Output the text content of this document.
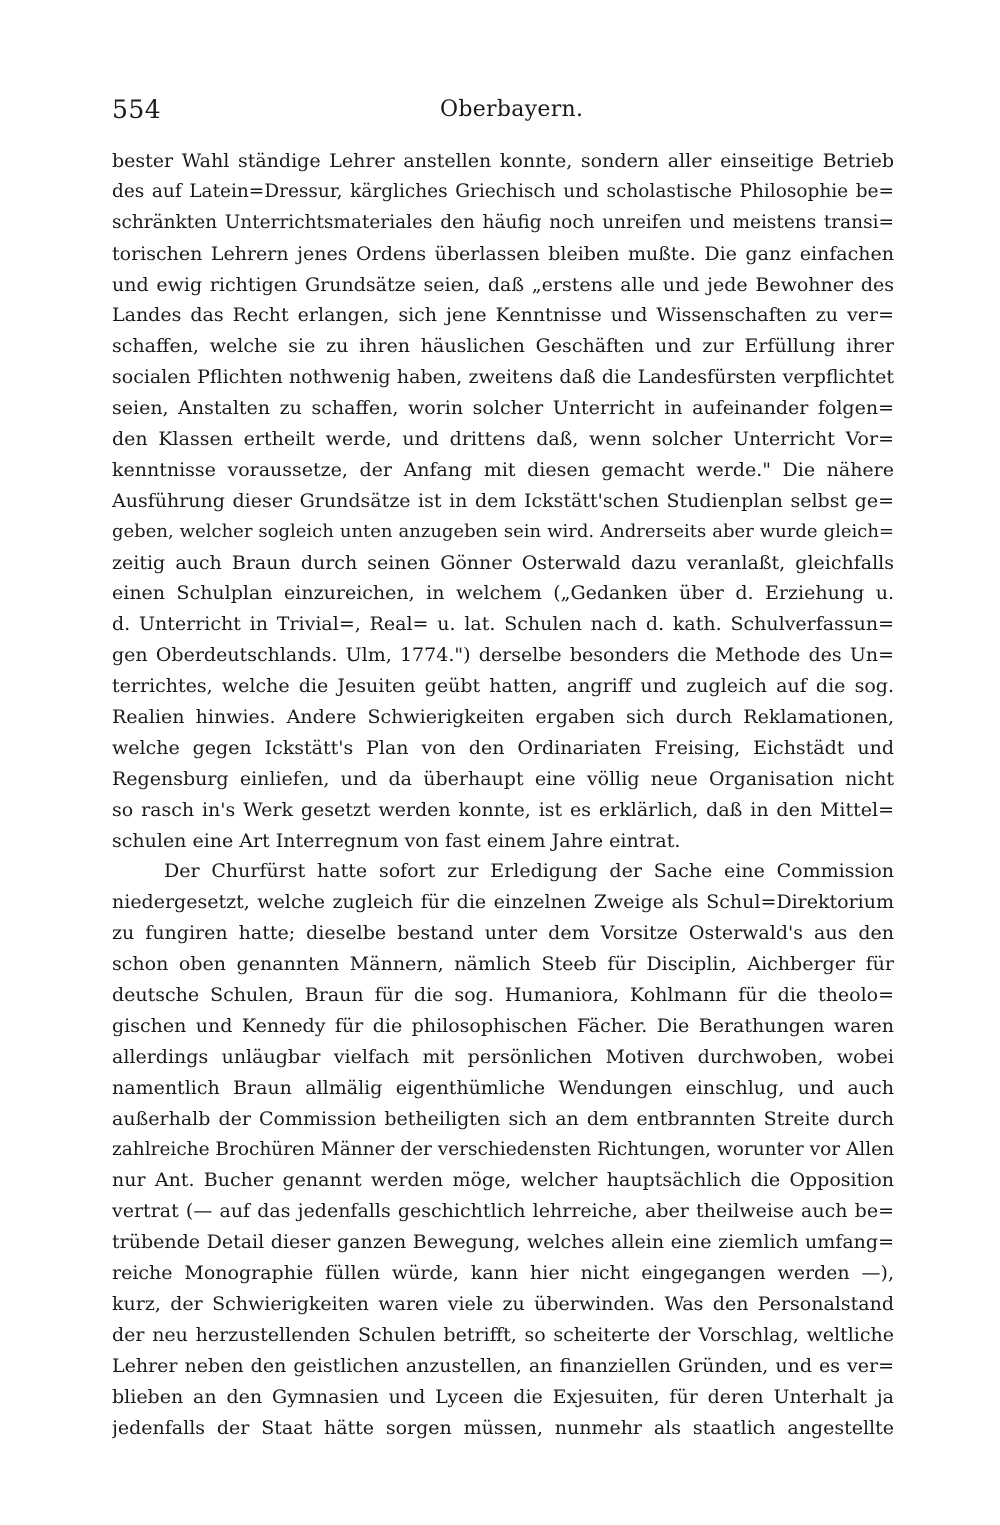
554	Oberbayern.
bester Wahl ständige Lehrer anstellen konnte, sondern aller einseitige Betrieb
des auf Latein=Dressur, kärgliches Griechisch und scholastische Philosophie be=
schränkten Unterrichtsmateriales den häufig noch unreifen und meistens transi=
torischen Lehrern jenes Ordens überlassen bleiben mußte. Die ganz einfachen
und ewig richtigen Grundsätze seien, daß „erstens alle und jede Bewohner des
Landes das Recht erlangen, sich jene Kenntnisse und Wissenschaften zu ver=
schaffen, welche sie zu ihren häuslichen Geschäften und zur Erfüllung ihrer
socialen Pflichten nothwenig haben, zweitens daß die Landesfürsten verpflichtet
seien, Anstalten zu schaffen, worin solcher Unterricht in aufeinander folgen=
den Klassen ertheilt werde, und drittens daß, wenn solcher Unterricht Vor=
kenntnisse voraussetze, der Anfang mit diesen gemacht werde." Die nähere
Ausführung dieser Grundsätze ist in dem Ickstätt'schen Studienplan selbst ge=
geben, welcher sogleich unten anzugeben sein wird. Andrerseits aber wurde gleich=
zeitig auch Braun durch seinen Gönner Osterwald dazu veranlaßt, gleichfalls
einen Schulplan einzureichen, in welchem („Gedanken über d. Erziehung u.
d. Unterricht in Trivial=, Real= u. lat. Schulen nach d. kath. Schulverfassun=
gen Oberdeutschlands. Ulm, 1774.") derselbe besonders die Methode des Un=
terrichtes, welche die Jesuiten geübt hatten, angriff und zugleich auf die sog.
Realien hinwies. Andere Schwierigkeiten ergaben sich durch Reklamationen,
welche gegen Ickstätt's Plan von den Ordinariaten Freising, Eichstädt und
Regensburg einliefen, und da überhaupt eine völlig neue Organisation nicht
so rasch in's Werk gesetzt werden konnte, ist es erklärlich, daß in den Mittel=
schulen eine Art Interregnum von fast einem Jahre eintrat.
Der Churfürst hatte sofort zur Erledigung der Sache eine Commission
niedergesetzt, welche zugleich für die einzelnen Zweige als Schul=Direktorium
zu fungiren hatte; dieselbe bestand unter dem Vorsitze Osterwald's aus den
schon oben genannten Männern, nämlich Steeb für Disciplin, Aichberger für
deutsche Schulen, Braun für die sog. Humaniora, Kohlmann für die theolo=
gischen und Kennedy für die philosophischen Fächer. Die Berathungen waren
allerdings unläugbar vielfach mit persönlichen Motiven durchwoben, wobei
namentlich Braun allmälig eigenthümliche Wendungen einschlug, und auch
außerhalb der Commission betheiligten sich an dem entbrannten Streite durch
zahlreiche Brochüren Männer der verschiedensten Richtungen, worunter vor Allen
nur Ant. Bucher genannt werden möge, welcher hauptsächlich die Opposition
vertrat (— auf das jedenfalls geschichtlich lehrreiche, aber theilweise auch be=
trübende Detail dieser ganzen Bewegung, welches allein eine ziemlich umfang=
reiche Monographie füllen würde, kann hier nicht eingegangen werden —),
kurz, der Schwierigkeiten waren viele zu überwinden. Was den Personalstand
der neu herzustellenden Schulen betrifft, so scheiterte der Vorschlag, weltliche
Lehrer neben den geistlichen anzustellen, an finanziellen Gründen, und es ver=
blieben an den Gymnasien und Lyceen die Exjesuiten, für deren Unterhalt ja
jedenfalls der Staat hätte sorgen müssen, nunmehr als staatlich angestellte
